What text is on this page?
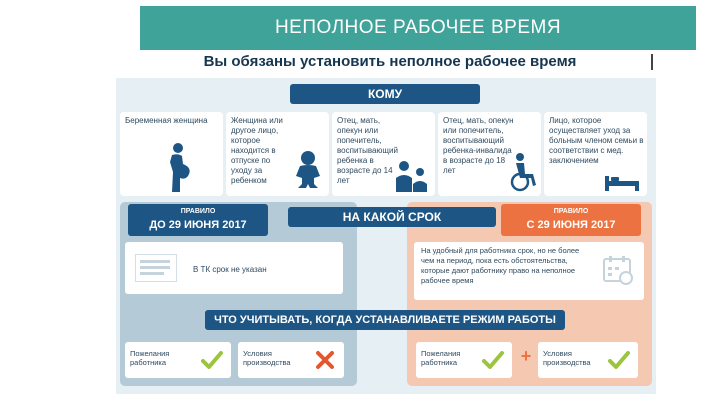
НЕПОЛНОЕ РАБОЧЕЕ ВРЕМЯ
Вы обязаны установить неполное рабочее время
КОМУ
Беременная женщина	Женщина или другое лицо, которое находится в отпуске по уходу за ребенком
Отец, мать, опекун или попечитель, воспитывающий ребенка в возрасте до 14 лет
Отец, мать, опекун или попечитель, воспитывающий ребенка-инвалида в возрасте до 18 лет
Лицо, которое осуществляет уход за больным членом семьи в соответствии с мед. заключением
ПРАВИЛО
ДО 29 ИЮНЯ 2017
ПРАВИЛО
С 29 ИЮНЯ 2017
НА КАКОЙ СРОК
В ТК срок не указан
На удобный для работника срок, но не более чем на период, пока есть обстоятельства, которые дают работнику право на неполное рабочее время
ЧТО УЧИТЫВАТЬ, КОГДА УСТАНАВЛИВАЕТЕ РЕЖИМ РАБОТЫ
Пожелания работника
Условия производства
Пожелания работника	+	Условия производства
